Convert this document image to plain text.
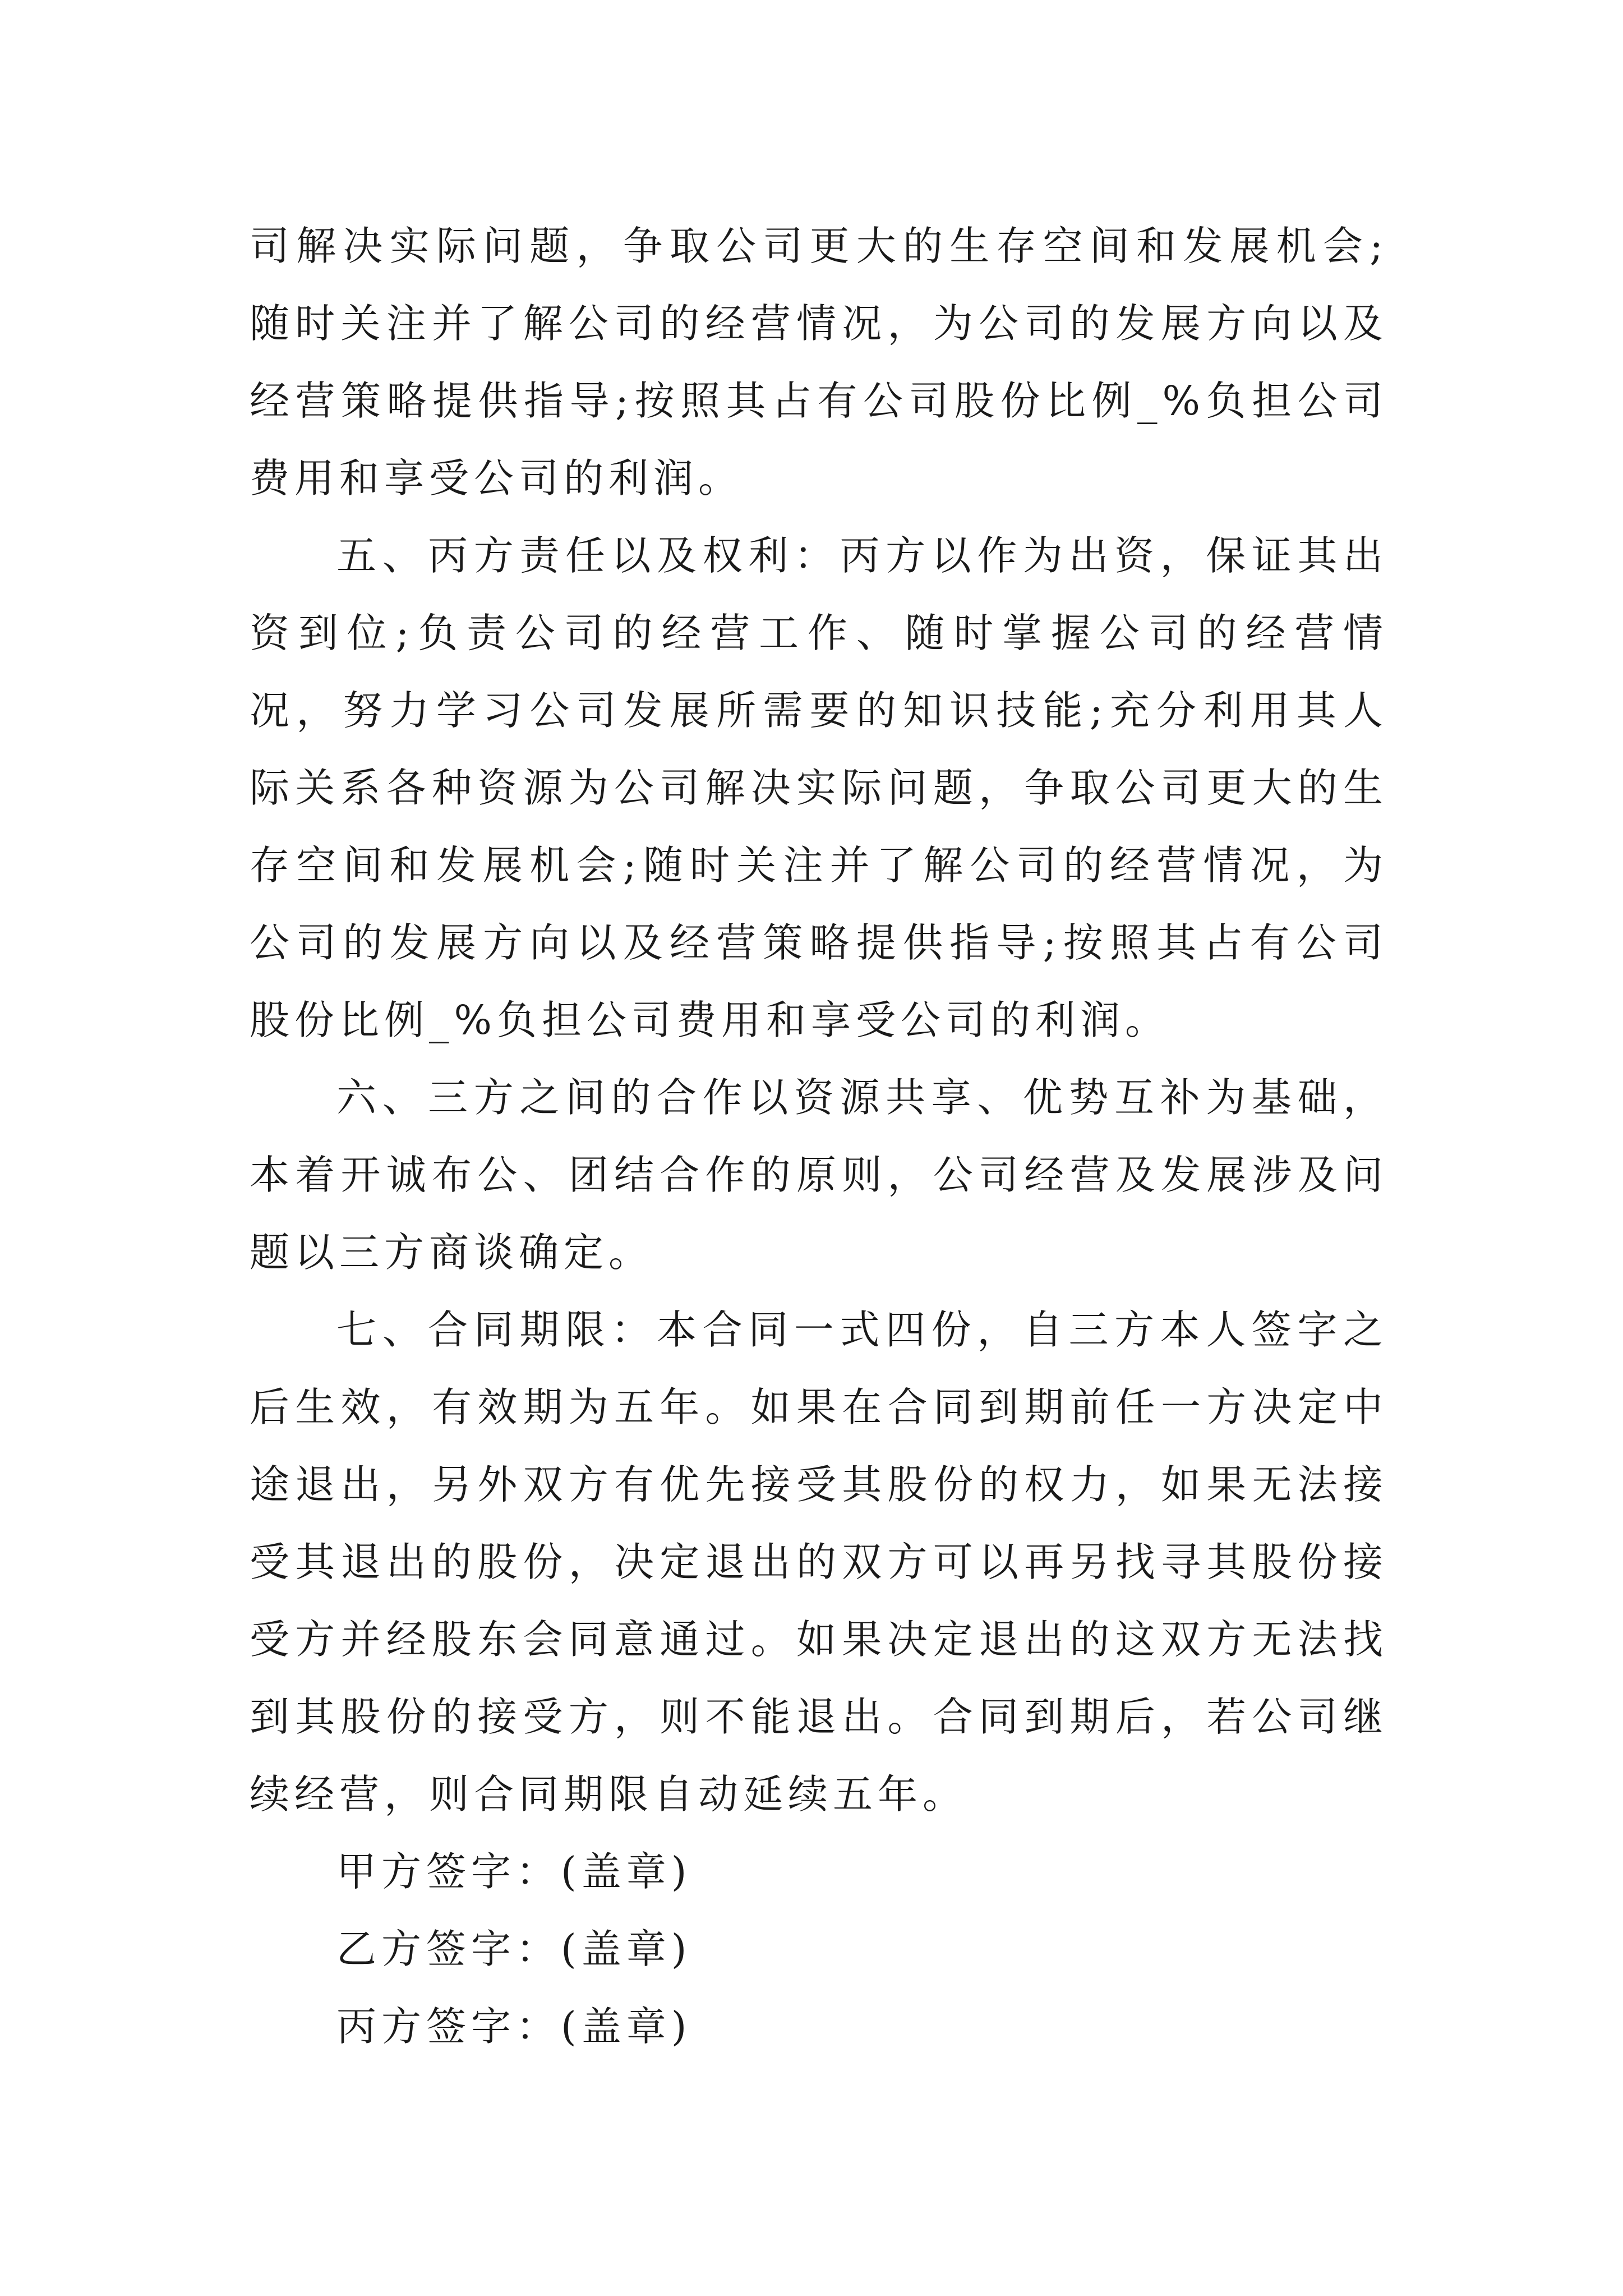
司解决实际问题，争取公司更大的生存空间和发展机会;随时关注并了解公司的经营情况，为公司的发展方向以及经营策略提供指导;按照其占有公司股份比例_%负担公司费用和享受公司的利润。

五、丙方责任以及权利：丙方以作为出资，保证其出资到位;负责公司的经营工作、随时掌握公司的经营情况，努力学习公司发展所需要的知识技能;充分利用其人际关系各种资源为公司解决实际问题，争取公司更大的生存空间和发展机会;随时关注并了解公司的经营情况，为公司的发展方向以及经营策略提供指导;按照其占有公司股份比例_%负担公司费用和享受公司的利润。

六、三方之间的合作以资源共享、优势互补为基础，本着开诚布公、团结合作的原则，公司经营及发展涉及问题以三方商谈确定。

七、合同期限：本合同一式四份，自三方本人签字之后生效，有效期为五年。如果在合同到期前任一方决定中途退出，另外双方有优先接受其股份的权力，如果无法接受其退出的股份，决定退出的双方可以再另找寻其股份接受方并经股东会同意通过。如果决定退出的这双方无法找到其股份的接受方，则不能退出。合同到期后，若公司继续经营，则合同期限自动延续五年。

甲方签字：(盖章)

乙方签字：(盖章)

丙方签字：(盖章)
